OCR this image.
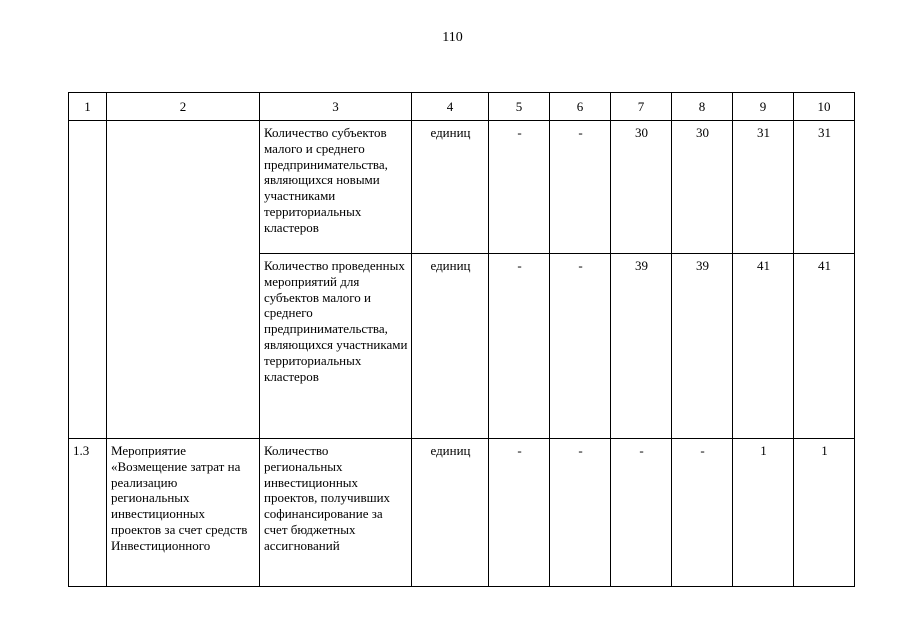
110
1	2	3	4	5	6	7	8	9	10

		Количество субъектов малого и среднего предпринимательства, являющихся новыми участниками территориальных кластеров	единиц	-	-	30	30	31	31

		Количество проведенных мероприятий для субъектов малого и среднего предпринимательства, являющихся участниками территориальных кластеров	единиц	-	-	39	39	41	41

1.3	Мероприятие «Возмещение затрат на реализацию региональных инвестиционных проектов за счет средств Инвестиционного	Количество региональных инвестиционных проектов, получивших софинансирование за счет бюджетных ассигнований	единиц	-	-	-	-	1	1
